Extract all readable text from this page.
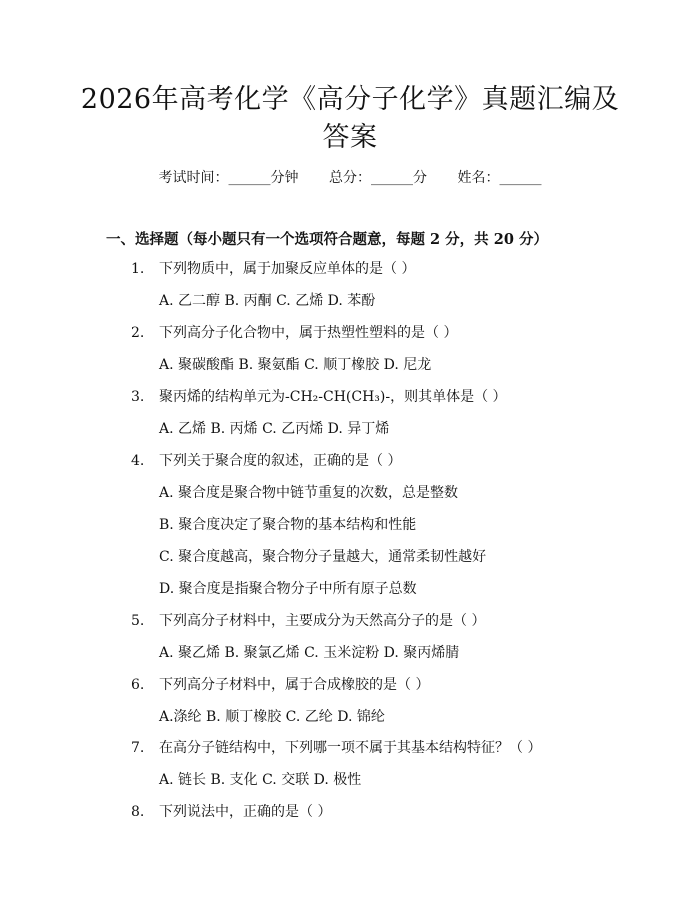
2026年高考化学《高分子化学》真题汇编及
答案
考试时间：______分钟 总分：______分 姓名：______
一、选择题（每小题只有一个选项符合题意，每题 2 分，共 20 分）
1. 下列物质中，属于加聚反应单体的是（ ）
A. 乙二醇 B. 丙酮 C. 乙烯 D. 苯酚
2. 下列高分子化合物中，属于热塑性塑料的是（ ）
A. 聚碳酸酯 B. 聚氨酯 C. 顺丁橡胶 D. 尼龙
3. 聚丙烯的结构单元为-CH₂-CH(CH₃)-，则其单体是（ ）
A. 乙烯 B. 丙烯 C. 乙丙烯 D. 异丁烯
4. 下列关于聚合度的叙述，正确的是（ ）
A. 聚合度是聚合物中链节重复的次数，总是整数
B. 聚合度决定了聚合物的基本结构和性能
C. 聚合度越高，聚合物分子量越大，通常柔韧性越好
D. 聚合度是指聚合物分子中所有原子总数
5. 下列高分子材料中，主要成分为天然高分子的是（ ）
A. 聚乙烯 B. 聚氯乙烯 C. 玉米淀粉 D. 聚丙烯腈
6. 下列高分子材料中，属于合成橡胶的是（ ）
A.涤纶 B. 顺丁橡胶 C. 乙纶 D. 锦纶
7. 在高分子链结构中，下列哪一项不属于其基本结构特征？（ ）
A. 链长 B. 支化 C. 交联 D. 极性
8. 下列说法中，正确的是（ ）
